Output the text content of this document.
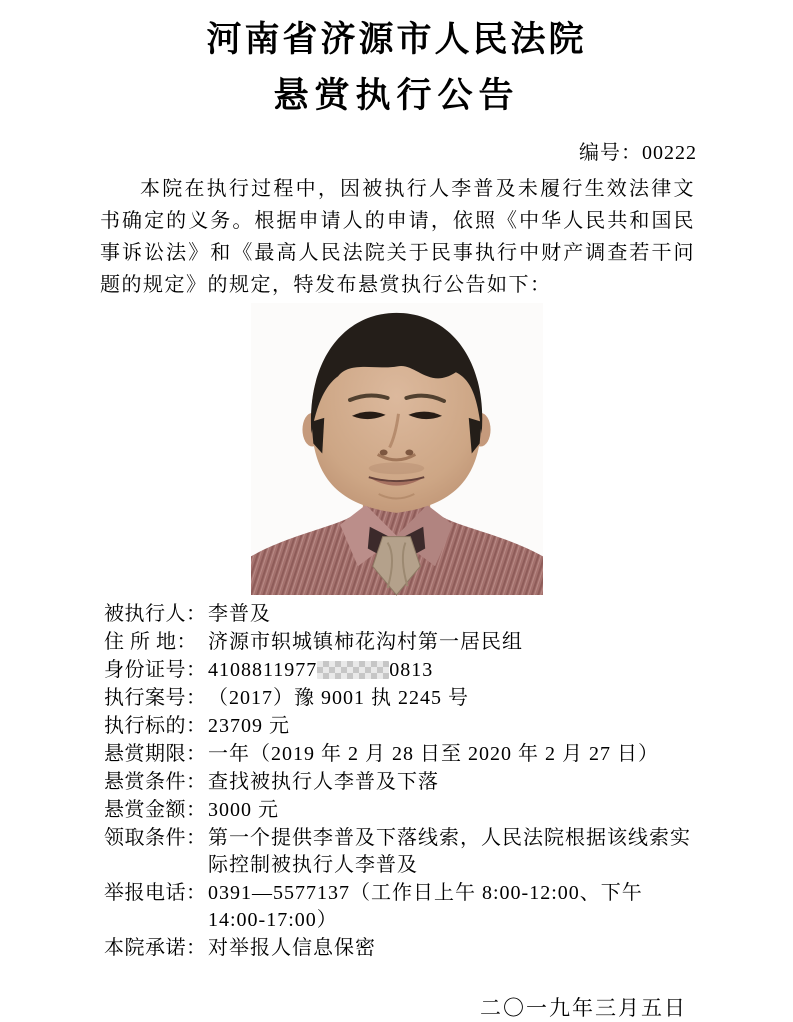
河南省济源市人民法院
悬赏执行公告
编号：00222

本院在执行过程中，因被执行人李普及未履行生效法律文书确定的义务。根据申请人的申请，依照《中华人民共和国民事诉讼法》和《最高人民法院关于民事执行中财产调查若干问题的规定》的规定，特发布悬赏执行公告如下：

被执行人： 李普及
住 所 地： 济源市轵城镇柿花沟村第一居民组
身份证号： 4108811977	0813
执行案号： （2017）豫 9001 执 2245 号
执行标的： 23709 元
悬赏期限： 一年（2019 年 2 月 28 日至 2020 年 2 月 27 日）
悬赏条件： 查找被执行人李普及下落
悬赏金额： 3000 元
领取条件： 第一个提供李普及下落线索，人民法院根据该线索实际控制被执行人李普及
举报电话： 0391—5577137（工作日上午 8:00-12:00、下午 14:00-17:00）
本院承诺： 对举报人信息保密
二〇一九年三月五日
